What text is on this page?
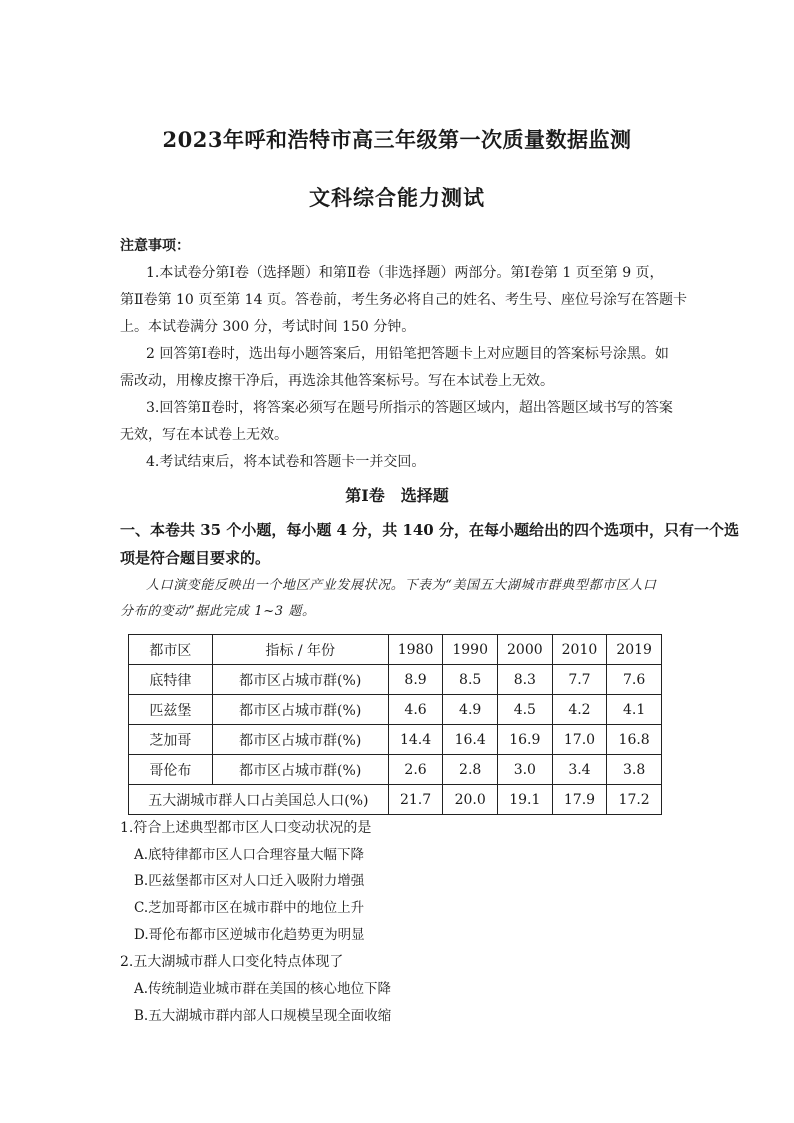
2023年呼和浩特市高三年级第一次质量数据监测
文科综合能力测试
注意事项：
1.本试卷分第Ⅰ卷（选择题）和第Ⅱ卷（非选择题）两部分。第Ⅰ卷第 1 页至第 9 页，
第Ⅱ卷第 10 页至第 14 页。答卷前，考生务必将自己的姓名、考生号、座位号涂写在答题卡
上。本试卷满分 300 分，考试时间 150 分钟。
2 回答第Ⅰ卷时，选出每小题答案后，用铅笔把答题卡上对应题目的答案标号涂黑。如
需改动，用橡皮擦干净后，再选涂其他答案标号。写在本试卷上无效。
3.回答第Ⅱ卷时，将答案必须写在题号所指示的答题区域内，超出答题区域书写的答案
无效，写在本试卷上无效。
4.考试结束后，将本试卷和答题卡一并交回。
第Ⅰ卷　选择题
一、本卷共 35 个小题，每小题 4 分，共 140 分，在每小题给出的四个选项中，只有一个选
项是符合题目要求的。
人口演变能反映出一个地区产业发展状况。下表为“美国五大湖城市群典型都市区人口
分布的变动”据此完成 1~3 题。
都市区	指标 / 年份	1980	1990	2000	2010	2019
底特律	都市区占城市群(%)	8.9	8.5	8.3	7.7	7.6
匹兹堡	都市区占城市群(%)	4.6	4.9	4.5	4.2	4.1
芝加哥	都市区占城市群(%)	14.4	16.4	16.9	17.0	16.8
哥伦布	都市区占城市群(%)	2.6	2.8	3.0	3.4	3.8
五大湖城市群人口占美国总人口(%)		21.7	20.0	19.1	17.9	17.2
1.符合上述典型都市区人口变动状况的是
A.底特律都市区人口合理容量大幅下降
B.匹兹堡都市区对人口迁入吸附力增强
C.芝加哥都市区在城市群中的地位上升
D.哥伦布都市区逆城市化趋势更为明显
2.五大湖城市群人口变化特点体现了
A.传统制造业城市群在美国的核心地位下降
B.五大湖城市群内部人口规模呈现全面收缩
